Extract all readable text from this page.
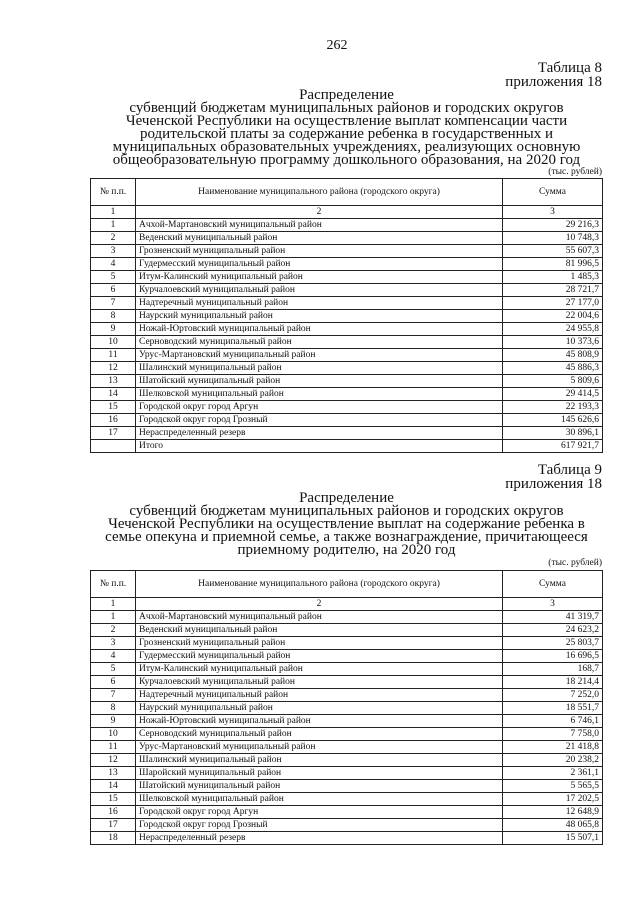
262
Таблица 8
приложения 18
Распределение
субвенций бюджетам муниципальных районов и городских округов
Чеченской Республики на осуществление выплат компенсации части
родительской платы за содержание ребенка в государственных и
муниципальных образовательных учреждениях, реализующих основную
общеобразовательную программу дошкольного образования, на 2020 год
(тыс. рублей)
№ п.п.	Наименование муниципального района (городского округа)	Сумма
1	2	3
1	Ачхой-Мартановский муниципальный район	29 216,3
2	Веденский муниципальный район	10 748,3
3	Грозненский муниципальный район	55 607,3
4	Гудермесский муниципальный район	81 996,5
5	Итум-Калинский муниципальный район	1 485,3
6	Курчалоевский муниципальный район	28 721,7
7	Надтеречный муниципальный район	27 177,0
8	Наурский муниципальный район	22 004,6
9	Ножай-Юртовский муниципальный район	24 955,8
10	Серноводский муниципальный район	10 373,6
11	Урус-Мартановский муниципальный район	45 808,9
12	Шалинский муниципальный район	45 886,3
13	Шатойский муниципальный район	5 809,6
14	Шелковской муниципальный район	29 414,5
15	Городской округ город Аргун	22 193,3
16	Городской округ город Грозный	145 626,6
17	Нераспределенный резерв	30 896,1
	Итого	617 921,7
Таблица 9
приложения 18
Распределение
субвенций бюджетам муниципальных районов и городских округов
Чеченской Республики на осуществление выплат на содержание ребенка в
семье опекуна и приемной семье, а также вознаграждение, причитающееся
приемному родителю, на 2020 год
(тыс. рублей)
№ п.п.	Наименование муниципального района (городского округа)	Сумма
1	2	3
1	Ачхой-Мартановский муниципальный район	41 319,7
2	Веденский муниципальный район	24 623,2
3	Грозненский муниципальный район	25 803,7
4	Гудермесский муниципальный район	16 696,5
5	Итум-Калинский муниципальный район	168,7
6	Курчалоевский муниципальный район	18 214,4
7	Надтеречный муниципальный район	7 252,0
8	Наурский муниципальный район	18 551,7
9	Ножай-Юртовский муниципальный район	6 746,1
10	Серноводский муниципальный район	7 758,0
11	Урус-Мартановский муниципальный район	21 418,8
12	Шалинский муниципальный район	20 238,2
13	Шаройский муниципальный район	2 361,1
14	Шатойский муниципальный район	5 565,5
15	Шелковской муниципальный район	17 202,5
16	Городской округ город Аргун	12 648,9
17	Городской округ город Грозный	48 065,8
18	Нераспределенный резерв	15 507,1
